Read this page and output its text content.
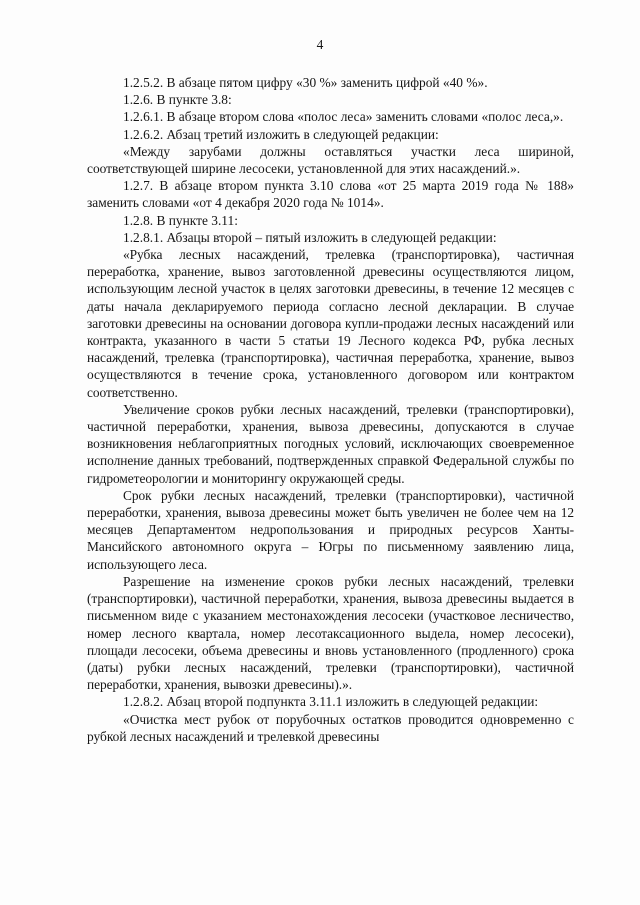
4

1.2.5.2. В абзаце пятом цифру «30 %» заменить цифрой «40 %».

1.2.6. В пункте 3.8:

1.2.6.1. В абзаце втором слова «полос леса» заменить словами «полос леса,».

1.2.6.2. Абзац третий изложить в следующей редакции:

«Между зарубами должны оставляться участки леса шириной, соответствующей ширине лесосеки, установленной для этих насаждений.».

1.2.7. В абзаце втором пункта 3.10 слова «от 25 марта 2019 года № 188» заменить словами «от 4 декабря 2020 года № 1014».

1.2.8. В пункте 3.11:

1.2.8.1. Абзацы второй – пятый изложить в следующей редакции:

«Рубка лесных насаждений, трелевка (транспортировка), частичная переработка, хранение, вывоз заготовленной древесины осуществляются лицом, использующим лесной участок в целях заготовки древесины, в течение 12 месяцев с даты начала декларируемого периода согласно лесной декларации. В случае заготовки древесины на основании договора купли-продажи лесных насаждений или контракта, указанного в части 5 статьи 19 Лесного кодекса РФ, рубка лесных насаждений, трелевка (транспортировка), частичная переработка, хранение, вывоз осуществляются в течение срока, установленного договором или контрактом соответственно.

Увеличение сроков рубки лесных насаждений, трелевки (транспортировки), частичной переработки, хранения, вывоза древесины, допускаются в случае возникновения неблагоприятных погодных условий, исключающих своевременное исполнение данных требований, подтвержденных справкой Федеральной службы по гидрометеорологии и мониторингу окружающей среды.

Срок рубки лесных насаждений, трелевки (транспортировки), частичной переработки, хранения, вывоза древесины может быть увеличен не более чем на 12 месяцев Департаментом недропользования и природных ресурсов Ханты-Мансийского автономного округа – Югры по письменному заявлению лица, использующего леса.

Разрешение на изменение сроков рубки лесных насаждений, трелевки (транспортировки), частичной переработки, хранения, вывоза древесины выдается в письменном виде с указанием местонахождения лесосеки (участковое лесничество, номер лесного квартала, номер лесотаксационного выдела, номер лесосеки), площади лесосеки, объема древесины и вновь установленного (продленного) срока (даты) рубки лесных насаждений, трелевки (транспортировки), частичной переработки, хранения, вывозки древесины).».

1.2.8.2. Абзац второй подпункта 3.11.1 изложить в следующей редакции:

«Очистка мест рубок от порубочных остатков проводится одновременно с рубкой лесных насаждений и трелевкой древесины
